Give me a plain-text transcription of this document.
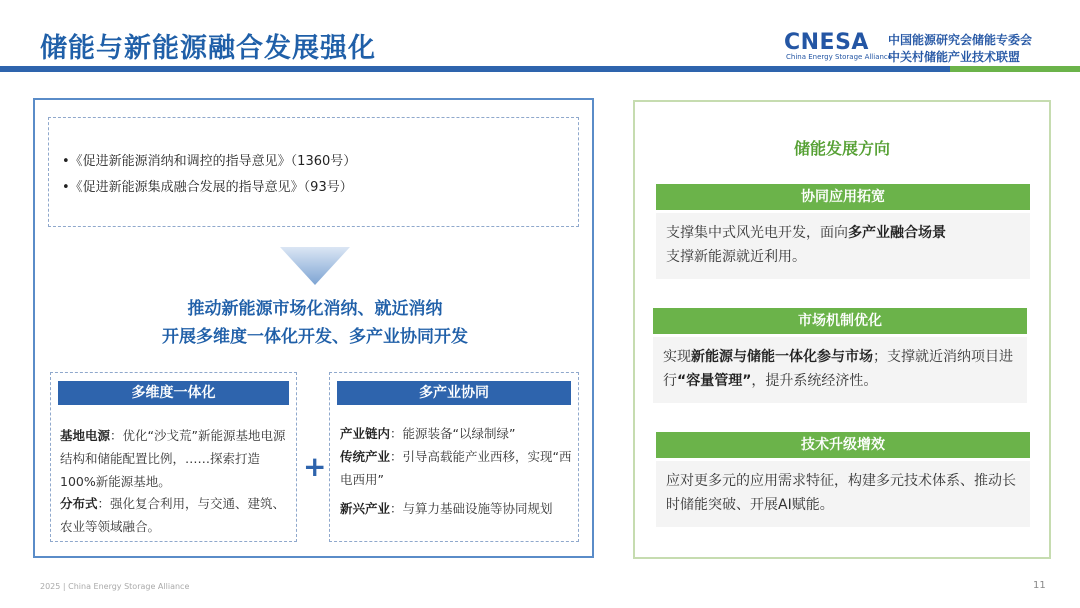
储能与新能源融合发展强化	CNESA
China Energy Storage Alliance
中国能源研究会储能专委会
中关村储能产业技术联盟
•《促进新能源消纳和调控的指导意见》（1360号）
•《促进新能源集成融合发展的指导意见》（93号）
推动新能源市场化消纳、就近消纳
开展多维度一体化开发、多产业协同开发
多维度一体化
基地电源：优化“沙戈荒”新能源基地电源结构和储能配置比例，……探索打造100%新能源基地。
分布式：强化复合利用，与交通、建筑、农业等领域融合。
+
多产业协同
产业链内：能源装备“以绿制绿”
传统产业：引导高载能产业西移，实现“西电西用”
新兴产业：与算力基础设施等协同规划
储能发展方向
协同应用拓宽
支撑集中式风光电开发，面向多产业融合场景
支撑新能源就近利用。
市场机制优化
实现新能源与储能一体化参与市场；支撑就近消纳项目进行“容量管理”，提升系统经济性。
技术升级增效
应对更多元的应用需求特征，构建多元技术体系、推动长时储能突破、开展AI赋能。
2025 | China Energy Storage Alliance	11
